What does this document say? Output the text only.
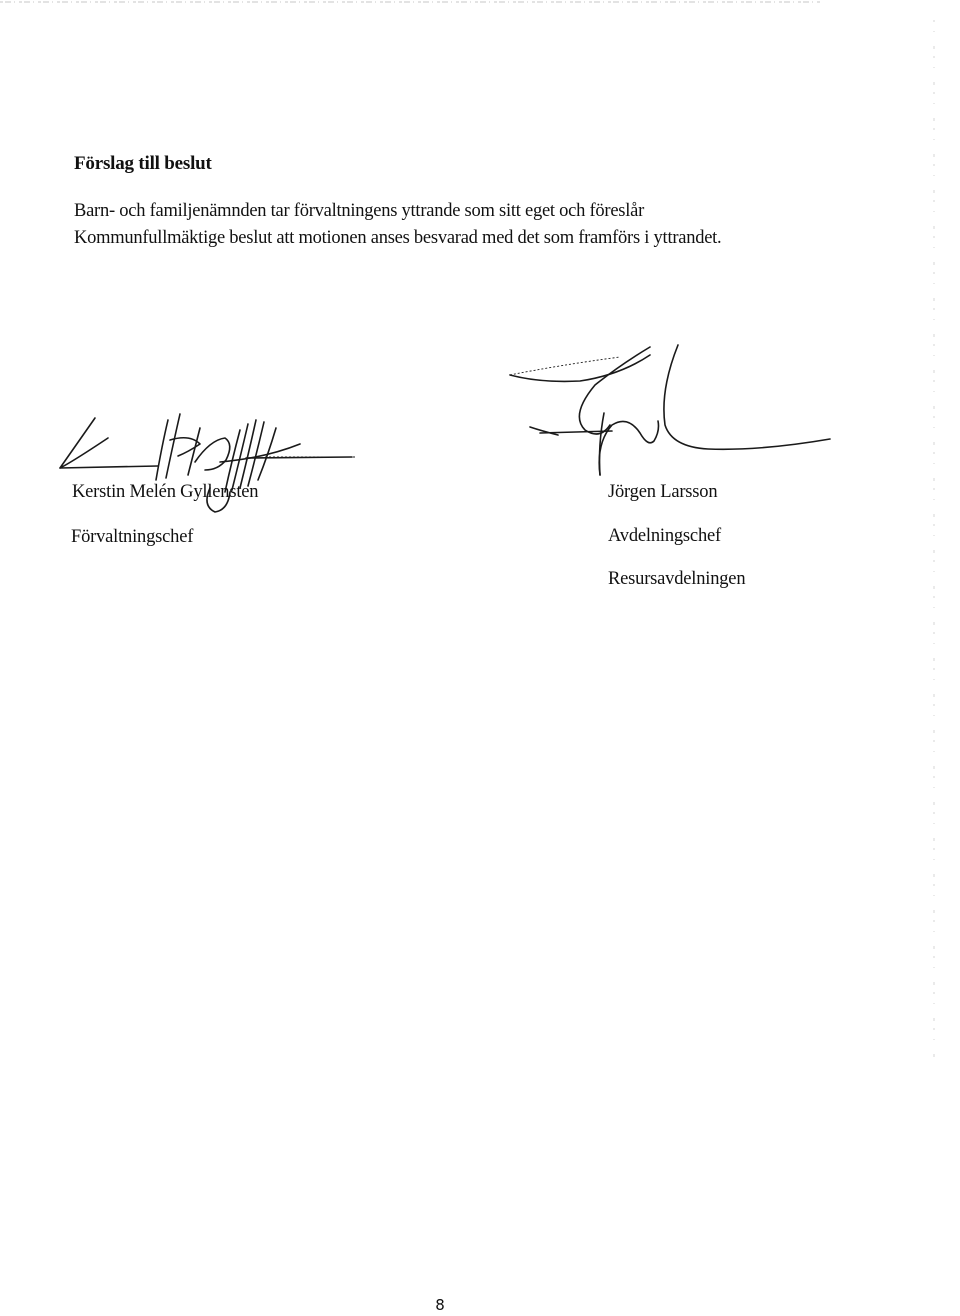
Förslag till beslut
Barn- och familjenämnden tar förvaltningens yttrande som sitt eget och föreslår
Kommunfullmäktige beslut att motionen anses besvarad med det som framförs i yttrandet.
Kerstin Melén Gyllensten
Förvaltningschef
Jörgen Larsson
Avdelningschef
Resursavdelningen
8
